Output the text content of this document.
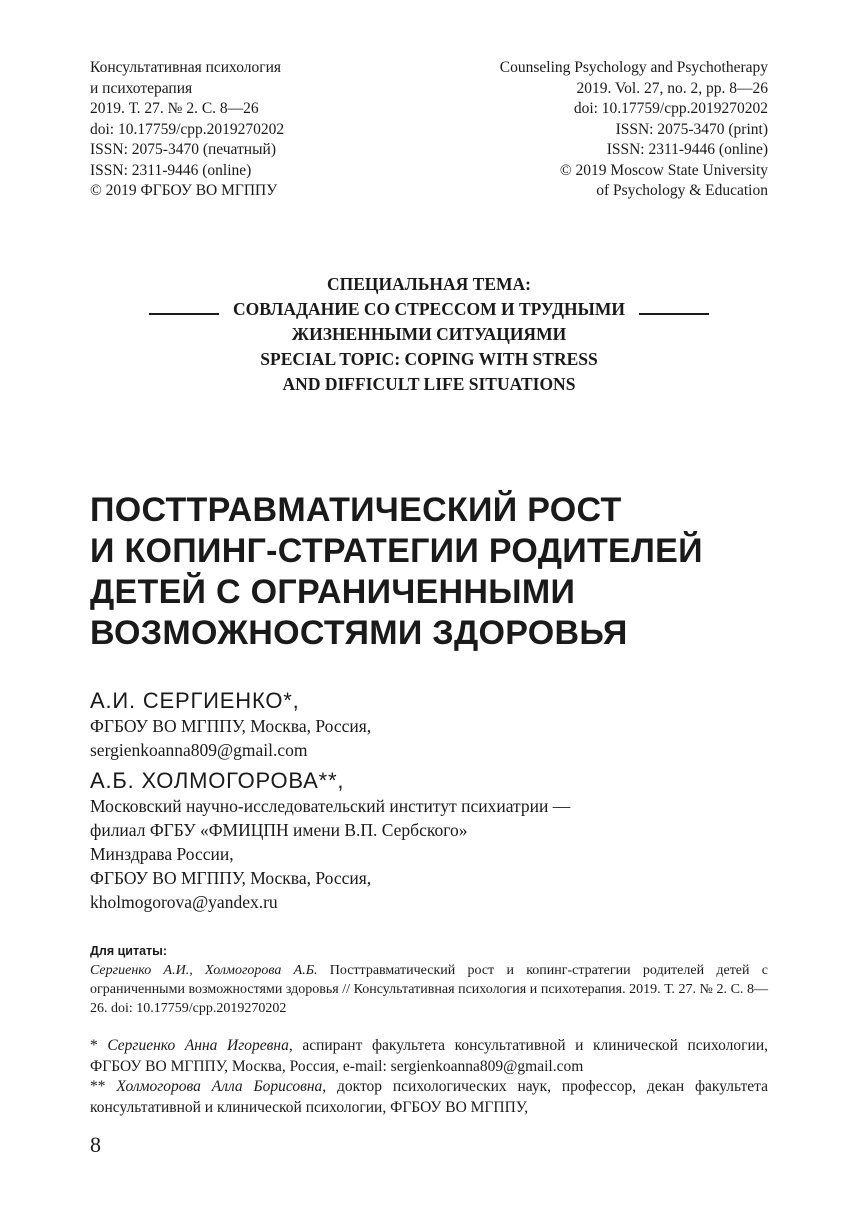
Консультативная психология
и психотерапия
2019. Т. 27. № 2. С. 8—26
doi: 10.17759/cpp.2019270202
ISSN: 2075-3470 (печатный)
ISSN: 2311-9446 (online)
© 2019 ФГБОУ ВО МГППУ
Counseling Psychology and Psychotherapy
2019. Vol. 27, no. 2, pp. 8—26
doi: 10.17759/cpp.2019270202
ISSN: 2075-3470 (print)
ISSN: 2311-9446 (online)
© 2019 Moscow State University
of Psychology & Education
СПЕЦИАЛЬНАЯ ТЕМА:
СОВЛАДАНИЕ СО СТРЕССОМ И ТРУДНЫМИ
ЖИЗНЕННЫМИ СИТУАЦИЯМИ
SPECIAL TOPIC: COPING WITH STRESS
AND DIFFICULT LIFE SITUATIONS
ПОСТТРАВМАТИЧЕСКИЙ РОСТ
И КОПИНГ-СТРАТЕГИИ РОДИТЕЛЕЙ
ДЕТЕЙ С ОГРАНИЧЕННЫМИ
ВОЗМОЖНОСТЯМИ ЗДОРОВЬЯ
А.И. СЕРГИЕНКО*,
ФГБОУ ВО МГППУ, Москва, Россия,
sergienkoanna809@gmail.com
А.Б. ХОЛМОГОРОВА**,
Московский научно-исследовательский институт психиатрии —
филиал ФГБУ «ФМИЦПН имени В.П. Сербского»
Минздрава России,
ФГБОУ ВО МГППУ, Москва, Россия,
kholmogorova@yandex.ru
Для цитаты:
Сергиенко А.И., Холмогорова А.Б. Посттравматический рост и копинг-стратегии родителей детей с ограниченными возможностями здоровья // Консультативная психология и психотерапия. 2019. Т. 27. № 2. С. 8—26. doi: 10.17759/cpp.2019270202
* Сергиенко Анна Игоревна, аспирант факультета консультативной и клинической психологии, ФГБОУ ВО МГППУ, Москва, Россия, e-mail: sergienkoanna809@gmail.com
** Холмогорова Алла Борисовна, доктор психологических наук, профессор, декан факультета консультативной и клинической психологии, ФГБОУ ВО МГППУ,
8
